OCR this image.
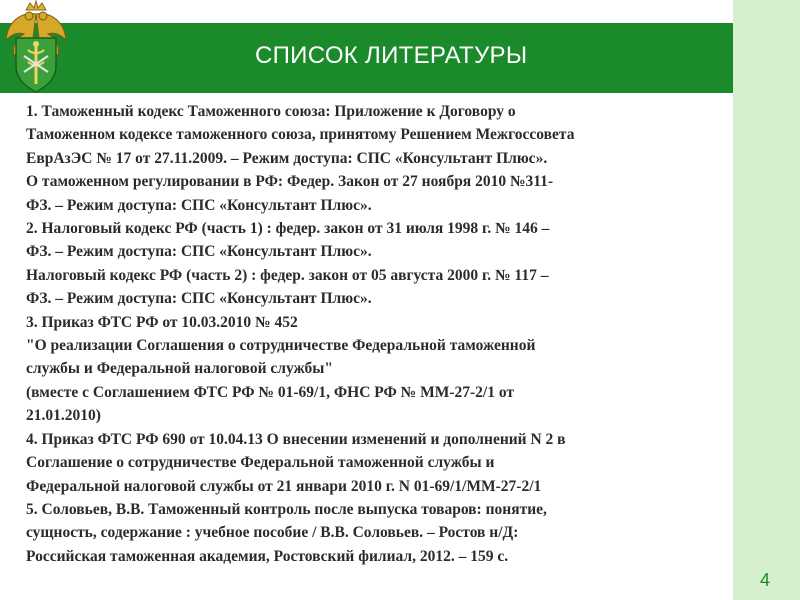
СПИСОК ЛИТЕРАТУРЫ
1. Таможенный кодекс Таможенного союза: Приложение к Договору о
Таможенном кодексе таможенного союза, принятому Решением Межгоссовета
ЕврАзЭС № 17 от 27.11.2009. – Режим доступа: СПС «Консультант Плюс».
О таможенном регулировании в РФ: Федер. Закон от 27 ноября 2010 №311-
ФЗ. – Режим доступа: СПС «Консультант Плюс».
2. Налоговый кодекс РФ (часть 1) : федер. закон от 31 июля 1998 г. № 146 –
ФЗ. – Режим доступа: СПС «Консультант Плюс».
Налоговый кодекс РФ (часть 2) : федер. закон от 05 августа 2000 г. № 117 –
ФЗ. – Режим доступа: СПС «Консультант Плюс».
3. Приказ ФТС РФ от 10.03.2010 № 452
"О реализации Соглашения о сотрудничестве Федеральной таможенной
службы и Федеральной налоговой службы"
(вместе с Соглашением ФТС РФ № 01-69/1, ФНС РФ № ММ-27-2/1 от
21.01.2010)
4. Приказ ФТС РФ 690 от 10.04.13 О внесении изменений и дополнений N 2 в
Соглашение о сотрудничестве Федеральной таможенной службы и
Федеральной налоговой службы от 21 январи 2010 г. N 01-69/1/ММ-27-2/1
5. Соловьев, В.В. Таможенный контроль после выпуска товаров: понятие,
сущность, содержание : учебное пособие / В.В. Соловьев. – Ростов н/Д:
Российская таможенная академия, Ростовский филиал, 2012. – 159 с.
4
